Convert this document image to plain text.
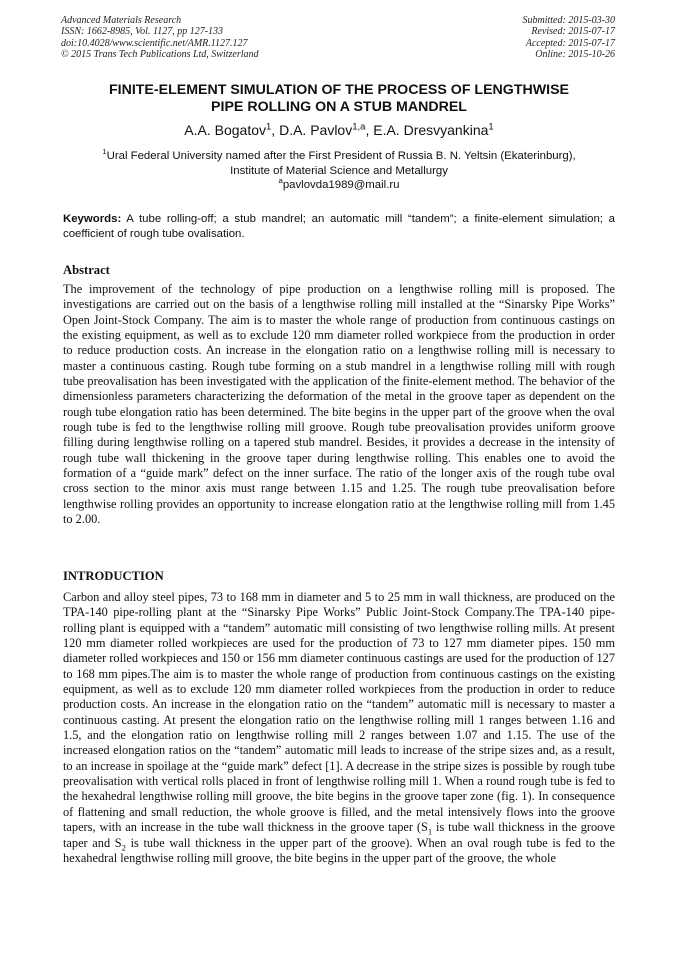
Advanced Materials Research
ISSN: 1662-8985, Vol. 1127, pp 127-133
doi:10.4028/www.scientific.net/AMR.1127.127
© 2015 Trans Tech Publications Ltd, Switzerland
Submitted: 2015-03-30
Revised: 2015-07-17
Accepted: 2015-07-17
Online: 2015-10-26
FINITE-ELEMENT SIMULATION OF THE PROCESS OF LENGTHWISE
PIPE ROLLING ON A STUB MANDREL
A.A. Bogatov$^1$, D.A. Pavlov$^{1,a}$, E.A. Dresvyankina$^1$
$^1$Ural Federal University named after the First President of Russia B. N. Yeltsin (Ekaterinburg),
Institute of Material Science and Metallurgy
$^a$pavlovda1989@mail.ru
Keywords: A tube rolling-off; a stub mandrel; an automatic mill “tandem”; a finite-element simulation; a coefficient of rough tube ovalisation.
Abstract
The improvement of the technology of pipe production on a lengthwise rolling mill is proposed. The investigations are carried out on the basis of a lengthwise rolling mill installed at the “Sinarsky Pipe Works” Open Joint-Stock Company. The aim is to master the whole range of production from continuous castings on the existing equipment, as well as to exclude 120 mm diameter rolled workpiece from the production in order to reduce production costs. An increase in the elongation ratio on a lengthwise rolling mill is necessary to master a continuous casting. Rough tube forming on a stub mandrel in a lengthwise rolling mill with rough tube preovalisation has been investigated with the application of the finite-element method. The behavior of the dimensionless parameters characterizing the deformation of the metal in the groove taper as dependent on the rough tube elongation ratio has been determined. The bite begins in the upper part of the groove when the oval rough tube is fed to the lengthwise rolling mill groove. Rough tube preovalisation provides uniform groove filling during lengthwise rolling on a tapered stub mandrel. Besides, it provides a decrease in the intensity of rough tube wall thickening in the groove taper during lengthwise rolling. This enables one to avoid the formation of a “guide mark” defect on the inner surface. The ratio of the longer axis of the rough tube oval cross section to the minor axis must range between 1.15 and 1.25. The rough tube preovalisation before lengthwise rolling provides an opportunity to increase elongation ratio at the lengthwise rolling mill from 1.45 to 2.00.
INTRODUCTION
Carbon and alloy steel pipes, 73 to 168 mm in diameter and 5 to 25 mm in wall thickness, are produced on the TPA-140 pipe-rolling plant at the “Sinarsky Pipe Works” Public Joint-Stock Company.The TPA-140 pipe-rolling plant is equipped with a “tandem” automatic mill consisting of two lengthwise rolling mills. At present 120 mm diameter rolled workpieces are used for the production of 73 to 127 mm diameter pipes. 150 mm diameter rolled workpieces and 150 or 156 mm diameter continuous castings are used for the production of 127 to 168 mm pipes.The aim is to master the whole range of production from continuous castings on the existing equipment, as well as to exclude 120 mm diameter rolled workpieces from the production in order to reduce production costs. An increase in the elongation ratio on the “tandem” automatic mill is necessary to master a continuous casting. At present the elongation ratio on the lengthwise rolling mill 1 ranges between 1.16 and 1.5, and the elongation ratio on lengthwise rolling mill 2 ranges between 1.07 and 1.15. The use of the increased elongation ratios on the “tandem” automatic mill leads to increase of the stripe sizes and, as a result, to an increase in spoilage at the “guide mark” defect [1]. A decrease in the stripe sizes is possible by rough tube preovalisation with vertical rolls placed in front of lengthwise rolling mill 1. When a round rough tube is fed to the hexahedral lengthwise rolling mill groove, the bite begins in the groove taper zone (fig. 1). In consequence of flattening and small reduction, the whole groove is filled, and the metal intensively flows into the groove tapers, with an increase in the tube wall thickness in the groove taper ($S_1$ is tube wall thickness in the groove taper and $S_2$ is tube wall thickness in the upper part of the groove). When an oval rough tube is fed to the hexahedral lengthwise rolling mill groove, the bite begins in the upper part of the groove, the whole
